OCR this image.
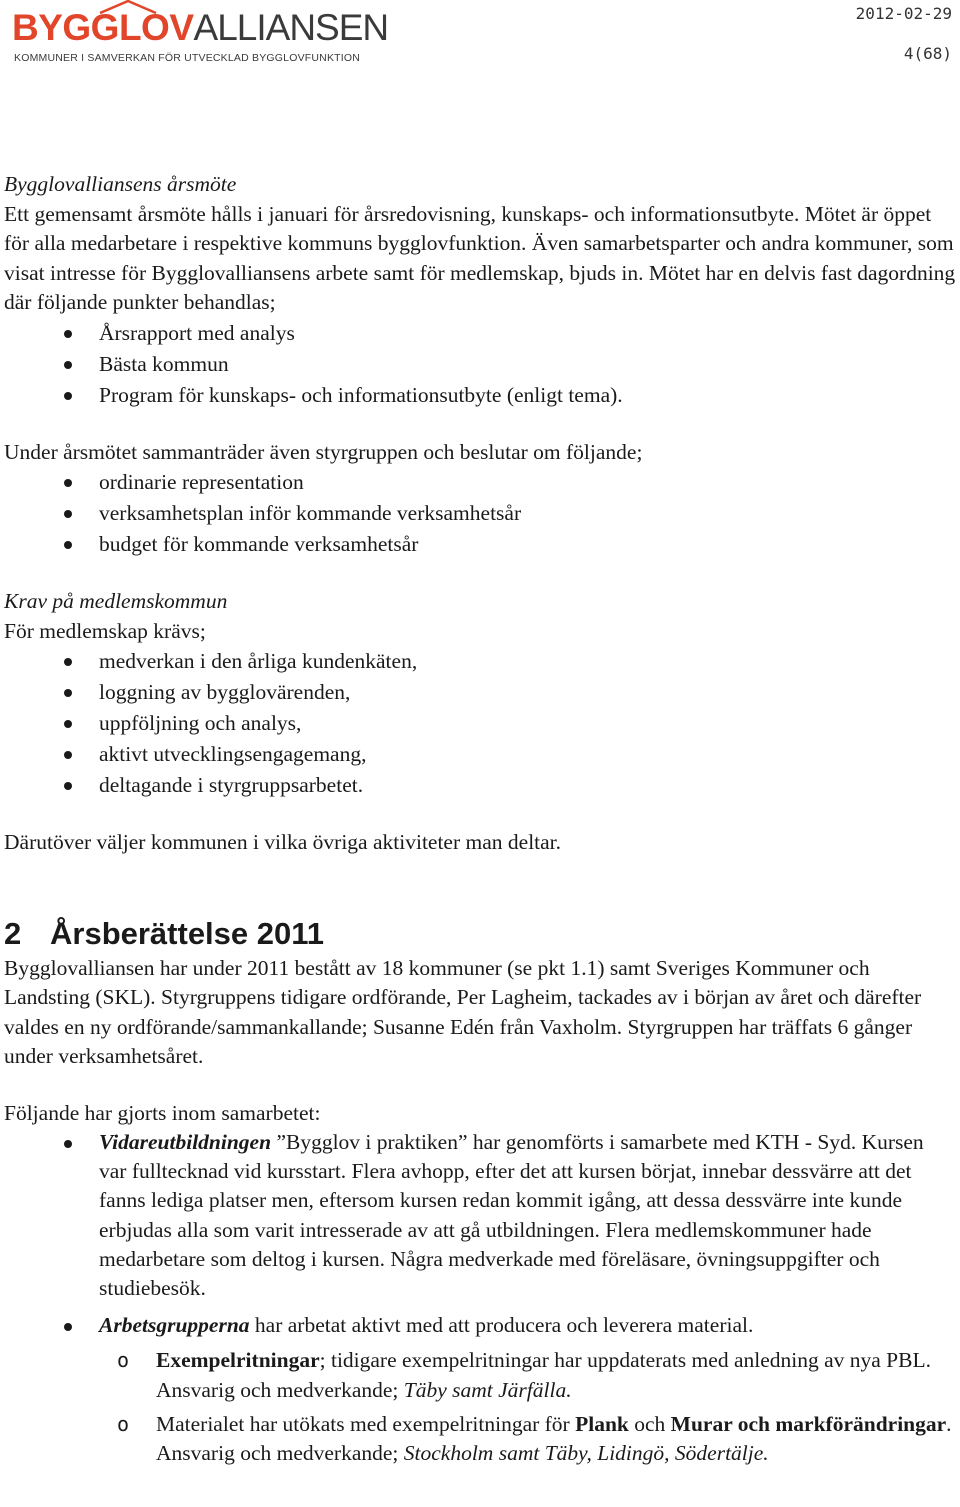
BYGGLOVALLIANSEN
KOMMUNER I SAMVERKAN FÖR UTVECKLAD BYGGLOVFUNKTION
2012-02-29
4(68)

Bygglovalliansens årsmöte

Ett gemensamt årsmöte hålls i januari för årsredovisning, kunskaps- och informationsutbyte. Mötet är öppet för alla medarbetare i respektive kommuns bygglovfunktion. Även samarbetsparter och andra kommuner, som visat intresse för Bygglovalliansens arbete samt för medlemskap, bjuds in. Mötet har en delvis fast dagordning där följande punkter behandlas;

Årsrapport med analys
Bästa kommun
Program för kunskaps- och informationsutbyte (enligt tema).

Under årsmötet sammanträder även styrgruppen och beslutar om följande;

ordinarie representation
verksamhetsplan inför kommande verksamhetsår
budget för kommande verksamhetsår

Krav på medlemskommun

För medlemskap krävs;

medverkan i den årliga kundenkäten,
loggning av bygglovärenden,
uppföljning och analys,
aktivt utvecklingsengagemang,
deltagande i styrgruppsarbetet.

Därutöver väljer kommunen i vilka övriga aktiviteter man deltar.

2 Årsberättelse 2011

Bygglovalliansen har under 2011 bestått av 18 kommuner (se pkt 1.1) samt Sveriges Kommuner och Landsting (SKL). Styrgruppens tidigare ordförande, Per Lagheim, tackades av i början av året och därefter valdes en ny ordförande/sammankallande; Susanne Edén från Vaxholm. Styrgruppen har träffats 6 gånger under verksamhetsåret.

Följande har gjorts inom samarbetet:

Vidareutbildningen ”Bygglov i praktiken” har genomförts i samarbete med KTH - Syd. Kursen var fulltecknad vid kursstart. Flera avhopp, efter det att kursen börjat, innebar dessvärre att det fanns lediga platser men, eftersom kursen redan kommit igång, att dessa dessvärre inte kunde erbjudas alla som varit intresserade av att gå utbildningen. Flera medlemskommuner hade medarbetare som deltog i kursen. Några medverkade med föreläsare, övningsuppgifter och studiebesök.
Arbetsgrupperna har arbetat aktivt med att producera och leverera material.
o Exempelritningar; tidigare exempelritningar har uppdaterats med anledning av nya PBL. Ansvarig och medverkande; Täby samt Järfälla.
o Materialet har utökats med exempelritningar för Plank och Murar och markförändringar. Ansvarig och medverkande; Stockholm samt Täby, Lidingö, Södertälje.
